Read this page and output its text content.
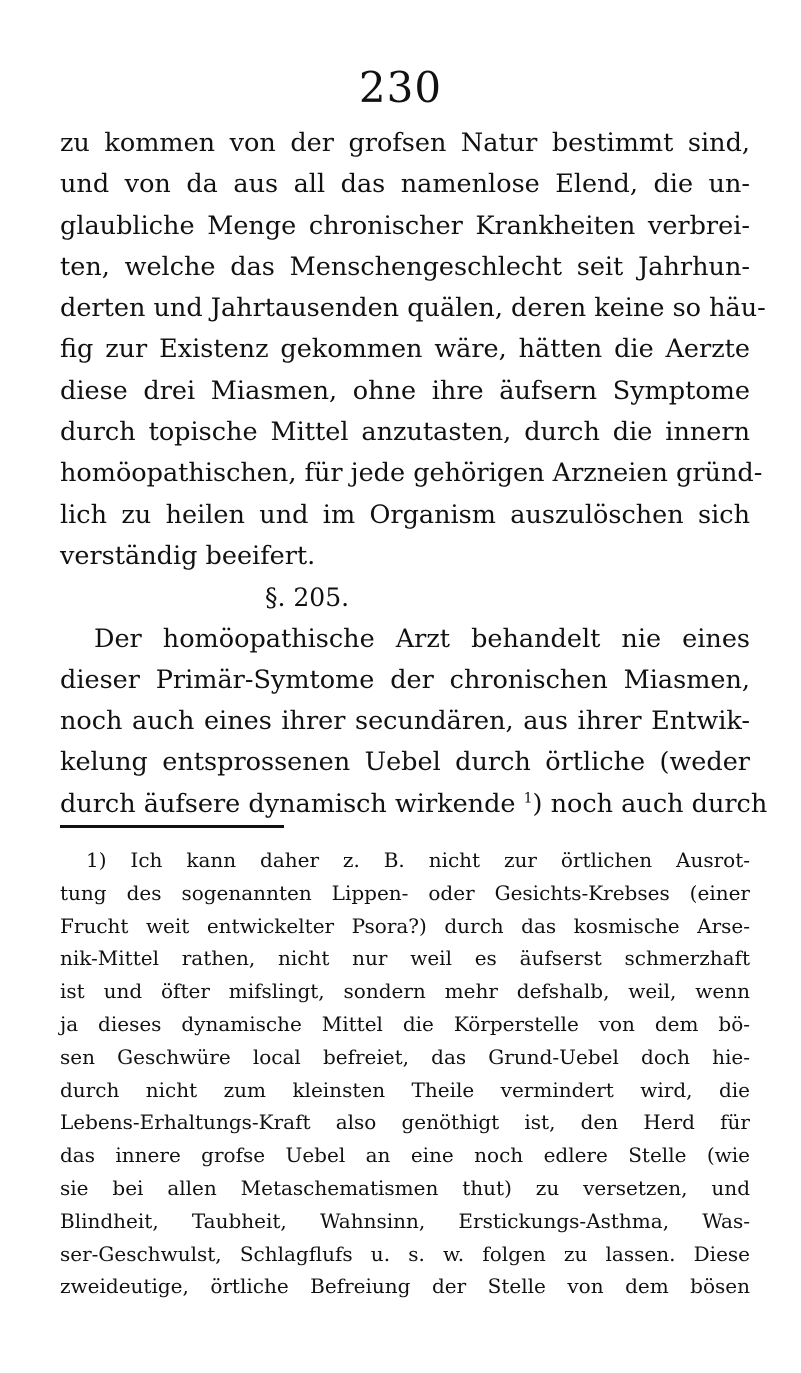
230
zu kommen von der grofsen Natur bestimmt sind,
und von da aus all das namenlose Elend, die un-
glaubliche Menge chronischer Krankheiten verbrei-
ten, welche das Menschengeschlecht seit Jahrhun-
derten und Jahrtausenden quälen, deren keine so häu-
fig zur Existenz gekommen wäre, hätten die Aerzte
diese drei Miasmen, ohne ihre äufsern Symptome
durch topische Mittel anzutasten, durch die innern
homöopathischen, für jede gehörigen Arzneien gründ-
lich zu heilen und im Organism auszulöschen sich
verständig beeifert.
§. 205.
Der homöopathische Arzt behandelt nie eines
dieser Primär-Symtome der chronischen Miasmen,
noch auch eines ihrer secundären, aus ihrer Entwik-
kelung entsprossenen Uebel durch örtliche (weder
durch äufsere dynamisch wirkende $^1$) noch auch durch
1) Ich kann daher z. B. nicht zur örtlichen Ausrot-
tung des sogenannten Lippen- oder Gesichts-Krebses (einer
Frucht weit entwickelter Psora?) durch das kosmische Arse-
nik-Mittel rathen, nicht nur weil es äufserst schmerzhaft
ist und öfter mifslingt, sondern mehr defshalb, weil, wenn
ja dieses dynamische Mittel die Körperstelle von dem bö-
sen Geschwüre local befreiet, das Grund-Uebel doch hie-
durch nicht zum kleinsten Theile vermindert wird, die
Lebens-Erhaltungs-Kraft also genöthigt ist, den Herd für
das innere grofse Uebel an eine noch edlere Stelle (wie
sie bei allen Metaschematismen thut) zu versetzen, und
Blindheit, Taubheit, Wahnsinn, Erstickungs-Asthma, Was-
ser-Geschwulst, Schlagflufs u. s. w. folgen zu lassen. Diese
zweideutige, örtliche Befreiung der Stelle von dem bösen
